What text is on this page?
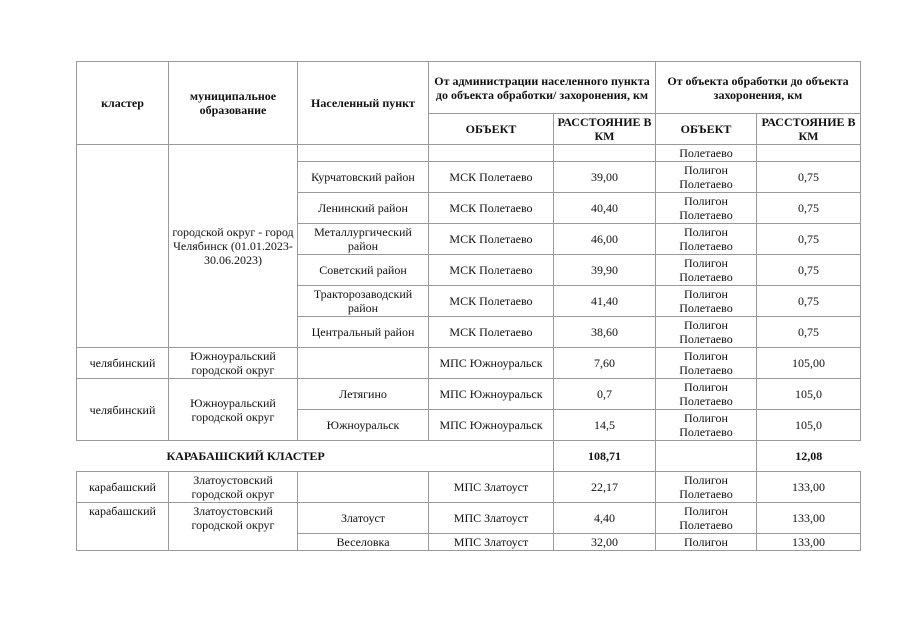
кластер	муниципальное образование	Населенный пункт	От администрации населенного пункта до объекта обработки/ захоронения, км		От объекта обработки до объекта захоронения, км	
			ОБЪЕКТ	РАССТОЯНИЕ В КМ	ОБЪЕКТ	РАССТОЯНИЕ В КМ
	городской округ - город Челябинск (01.01.2023-30.06.2023)				Полетаево	
		Курчатовский район	МСК Полетаево	39,00	Полигон Полетаево	0,75
		Ленинский район	МСК Полетаево	40,40	Полигон Полетаево	0,75
		Металлургический район	МСК Полетаево	46,00	Полигон Полетаево	0,75
		Советский район	МСК Полетаево	39,90	Полигон Полетаево	0,75
		Тракторозаводский район	МСК Полетаево	41,40	Полигон Полетаево	0,75
		Центральный район	МСК Полетаево	38,60	Полигон Полетаево	0,75
челябинский	Южноуральский городской округ		МПС Южноуральск	7,60	Полигон Полетаево	105,00
челябинский	Южноуральский городской округ	Летягино	МПС Южноуральск	0,7	Полигон Полетаево	105,0
		Южноуральск	МПС Южноуральск	14,5	Полигон Полетаево	105,0
КАРАБАШСКИЙ КЛАСТЕР				108,71		12,08
карабашский	Златоустовский городской округ		МПС Златоуст	22,17	Полигон Полетаево	133,00
карабашский	Златоустовский городской округ	Златоуст	МПС Златоуст	4,40	Полигон Полетаево	133,00
		Веселовка	МПС Златоуст	32,00	Полигон	133,00
